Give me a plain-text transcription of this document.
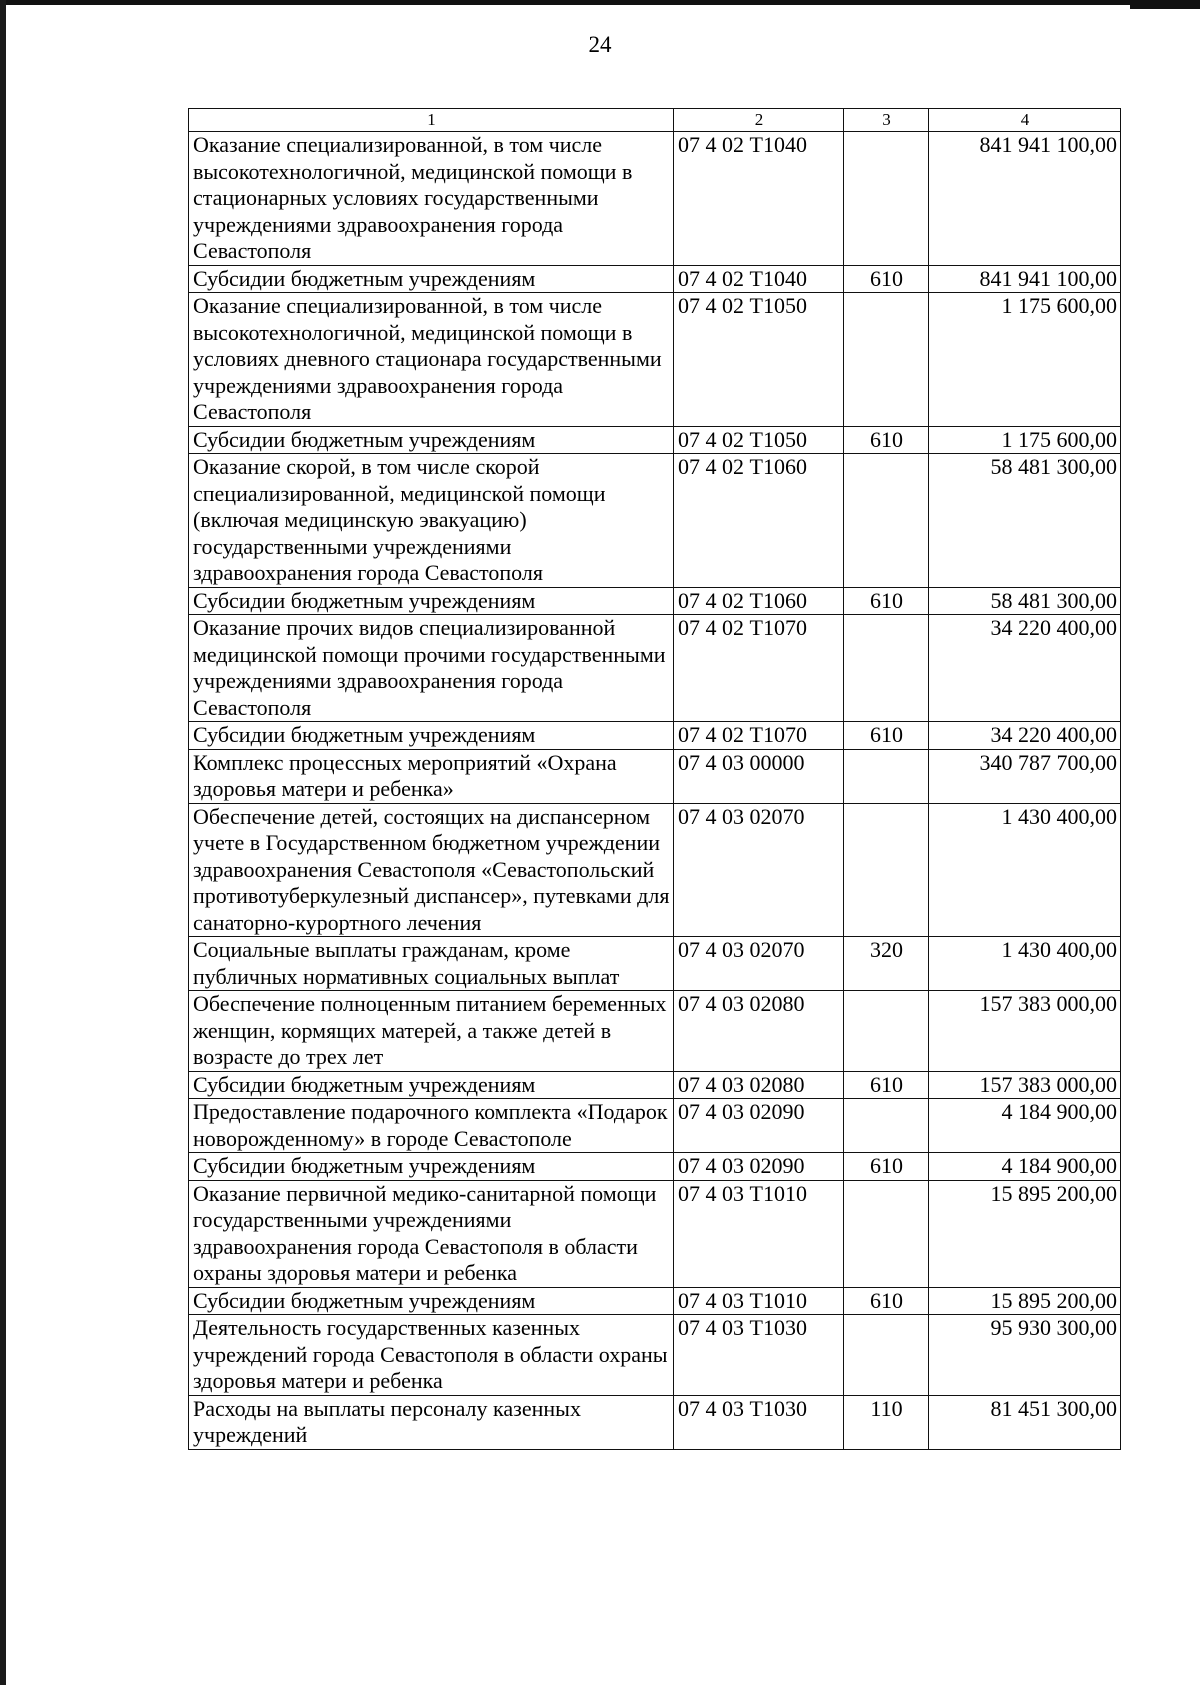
24
1	2	3	4
Оказание специализированной, в том числе высокотехнологичной, медицинской помощи в стационарных условиях государственными учреждениями здравоохранения города Севастополя	07 4 02 Т1040		841 941 100,00
Субсидии бюджетным учреждениям	07 4 02 Т1040	610	841 941 100,00
Оказание специализированной, в том числе высокотехнологичной, медицинской помощи в условиях дневного стационара государственными учреждениями здравоохранения города Севастополя	07 4 02 Т1050		1 175 600,00
Субсидии бюджетным учреждениям	07 4 02 Т1050	610	1 175 600,00
Оказание скорой, в том числе скорой специализированной, медицинской помощи (включая медицинскую эвакуацию) государственными учреждениями здравоохранения города Севастополя	07 4 02 Т1060		58 481 300,00
Субсидии бюджетным учреждениям	07 4 02 Т1060	610	58 481 300,00
Оказание прочих видов специализированной медицинской помощи прочими государственными учреждениями здравоохранения города Севастополя	07 4 02 Т1070		34 220 400,00
Субсидии бюджетным учреждениям	07 4 02 Т1070	610	34 220 400,00
Комплекс процессных мероприятий «Охрана здоровья матери и ребенка»	07 4 03 00000		340 787 700,00
Обеспечение детей, состоящих на диспансерном учете в Государственном бюджетном учреждении здравоохранения Севастополя «Севастопольский противотуберкулезный диспансер», путевками для санаторно-курортного лечения	07 4 03 02070		1 430 400,00
Социальные выплаты гражданам, кроме публичных нормативных социальных выплат	07 4 03 02070	320	1 430 400,00
Обеспечение полноценным питанием беременных женщин, кормящих матерей, а также детей в возрасте до трех лет	07 4 03 02080		157 383 000,00
Субсидии бюджетным учреждениям	07 4 03 02080	610	157 383 000,00
Предоставление подарочного комплекта «Подарок новорожденному» в городе Севастополе	07 4 03 02090		4 184 900,00
Субсидии бюджетным учреждениям	07 4 03 02090	610	4 184 900,00
Оказание первичной медико-санитарной помощи государственными учреждениями здравоохранения города Севастополя в области охраны здоровья матери и ребенка	07 4 03 Т1010		15 895 200,00
Субсидии бюджетным учреждениям	07 4 03 Т1010	610	15 895 200,00
Деятельность государственных казенных учреждений города Севастополя в области охраны здоровья матери и ребенка	07 4 03 Т1030		95 930 300,00
Расходы на выплаты персоналу казенных учреждений	07 4 03 Т1030	110	81 451 300,00
